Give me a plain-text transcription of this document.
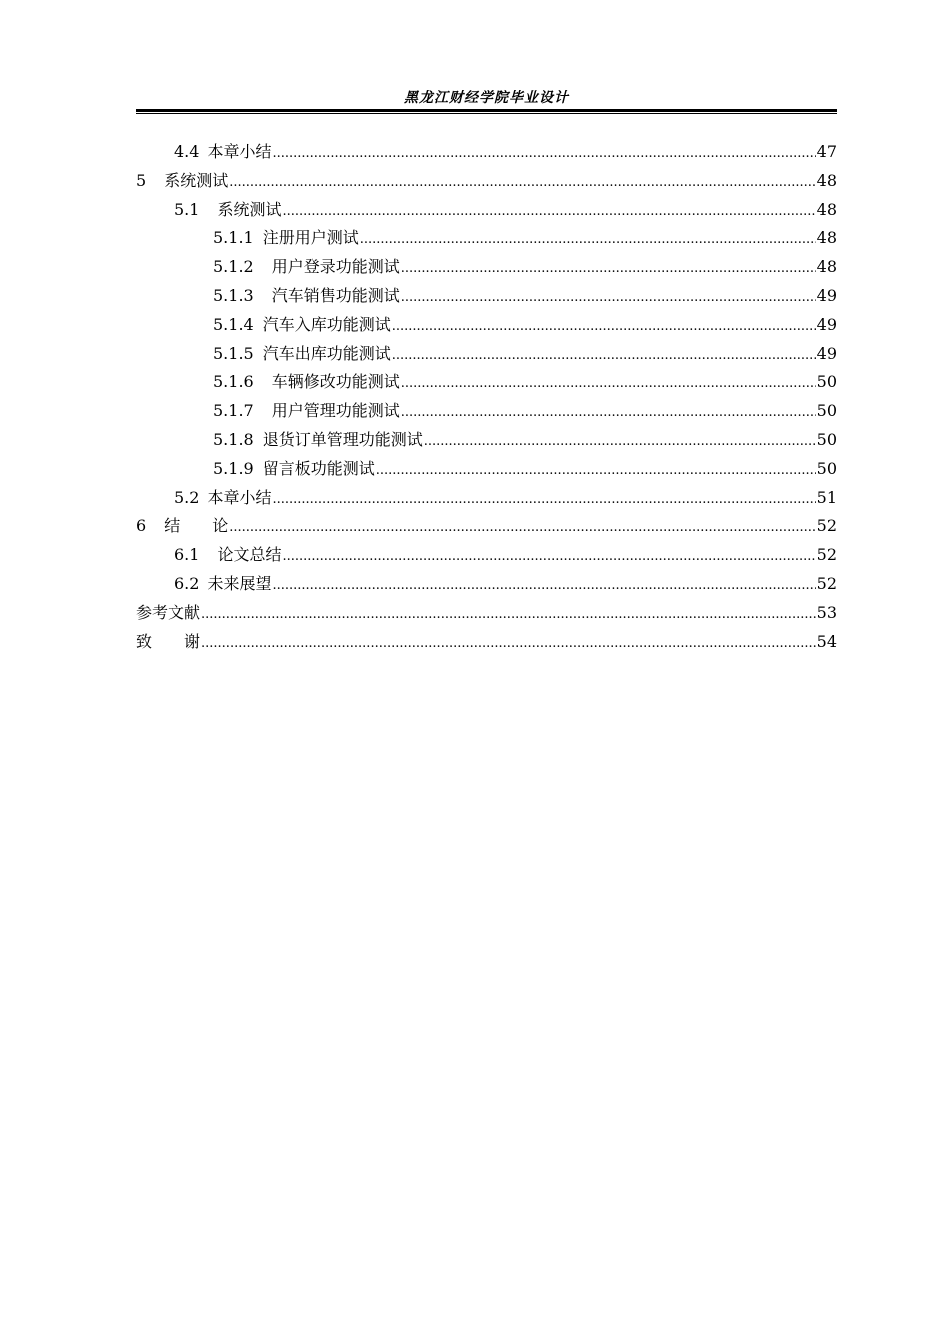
黑龙江财经学院毕业设计
4.4 本章小结 .....	47
5 系统测试 .....	48
5.1 系统测试 .....	48
5.1.1 注册用户测试 .....	48
5.1.2 用户登录功能测试 .....	48
5.1.3 汽车销售功能测试 .....	49
5.1.4 汽车入库功能测试 .....	49
5.1.5 汽车出库功能测试 .....	49
5.1.6 车辆修改功能测试 .....	50
5.1.7 用户管理功能测试 .....	50
5.1.8 退货订单管理功能测试 .....	50
5.1.9 留言板功能测试 .....	50
5.2 本章小结 .....	51
6 结　　论 .....	52
6.1 论文总结 .....	52
6.2 未来展望 .....	52
参考文献 .....	53
致　　谢 .....	54
